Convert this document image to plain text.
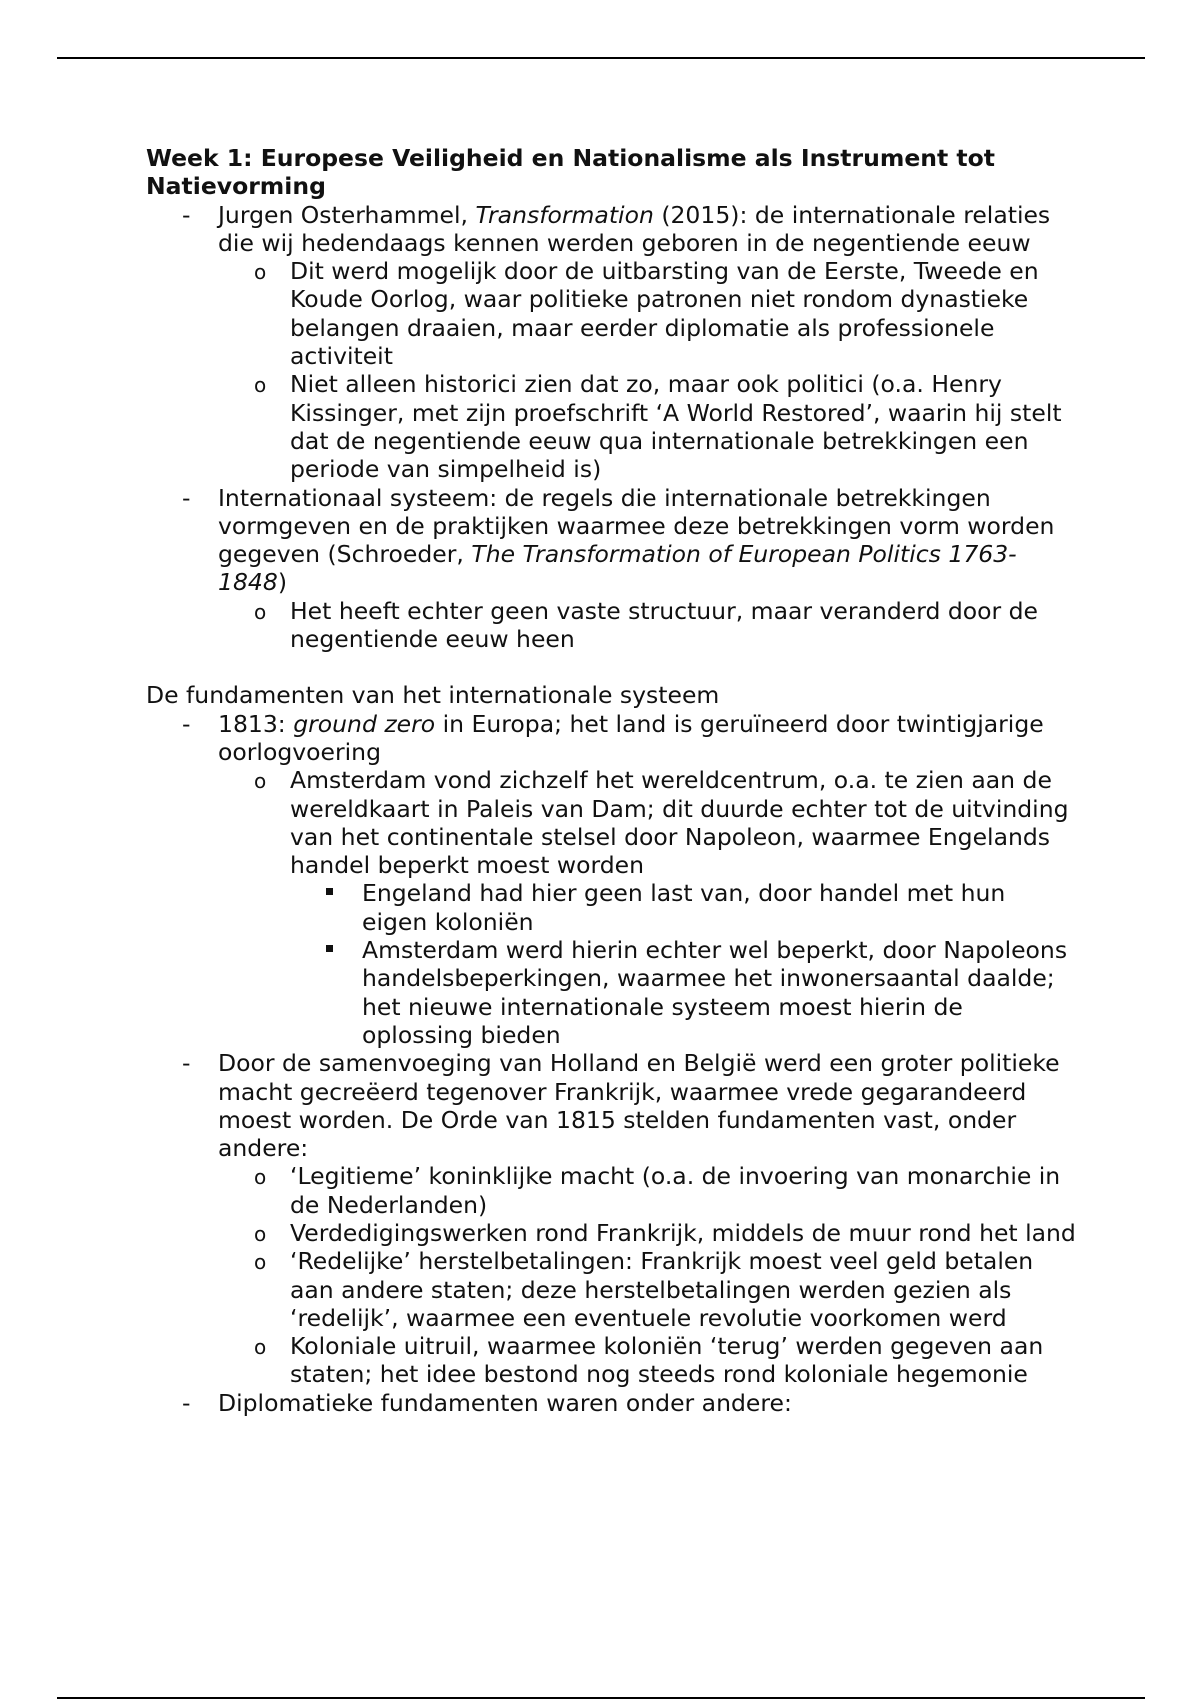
Week 1: Europese Veiligheid en Nationalisme als Instrument tot Natievorming

-
Jurgen Osterhammel, Transformation (2015): de internationale relaties die wij hedendaags kennen werden geboren in de negentiende eeuw
o
Dit werd mogelijk door de uitbarsting van de Eerste, Tweede en Koude Oorlog, waar politieke patronen niet rondom dynastieke belangen draaien, maar eerder diplomatie als professionele activiteit
o
Niet alleen historici zien dat zo, maar ook politici (o.a. Henry Kissinger, met zijn proefschrift ‘A World Restored’, waarin hij stelt dat de negentiende eeuw qua internationale betrekkingen een periode van simpelheid is)
-
Internationaal systeem: de regels die internationale betrekkingen vormgeven en de praktijken waarmee deze betrekkingen vorm worden gegeven (Schroeder, The Transformation of European Politics 1763-1848)
o
Het heeft echter geen vaste structuur, maar veranderd door de negentiende eeuw heen

De fundamenten van het internationale systeem

-
1813: ground zero in Europa; het land is geruïneerd door twintigjarige oorlogvoering
o
Amsterdam vond zichzelf het wereldcentrum, o.a. te zien aan de wereldkaart in Paleis van Dam; dit duurde echter tot de uitvinding van het continentale stelsel door Napoleon, waarmee Engelands handel beperkt moest worden
Engeland had hier geen last van, door handel met hun eigen koloniën
Amsterdam werd hierin echter wel beperkt, door Napoleons handelsbeperkingen, waarmee het inwonersaantal daalde; het nieuwe internationale systeem moest hierin de oplossing bieden
-
Door de samenvoeging van Holland en België werd een groter politieke macht gecreëerd tegenover Frankrijk, waarmee vrede gegarandeerd moest worden. De Orde van 1815 stelden fundamenten vast, onder andere:
o
‘Legitieme’ koninklijke macht (o.a. de invoering van monarchie in de Nederlanden)
o
Verdedigingswerken rond Frankrijk, middels de muur rond het land
o
‘Redelijke’ herstelbetalingen: Frankrijk moest veel geld betalen aan andere staten; deze herstelbetalingen werden gezien als ‘redelijk’, waarmee een eventuele revolutie voorkomen werd
o
Koloniale uitruil, waarmee koloniën ‘terug’ werden gegeven aan staten; het idee bestond nog steeds rond koloniale hegemonie
-
Diplomatieke fundamenten waren onder andere:
